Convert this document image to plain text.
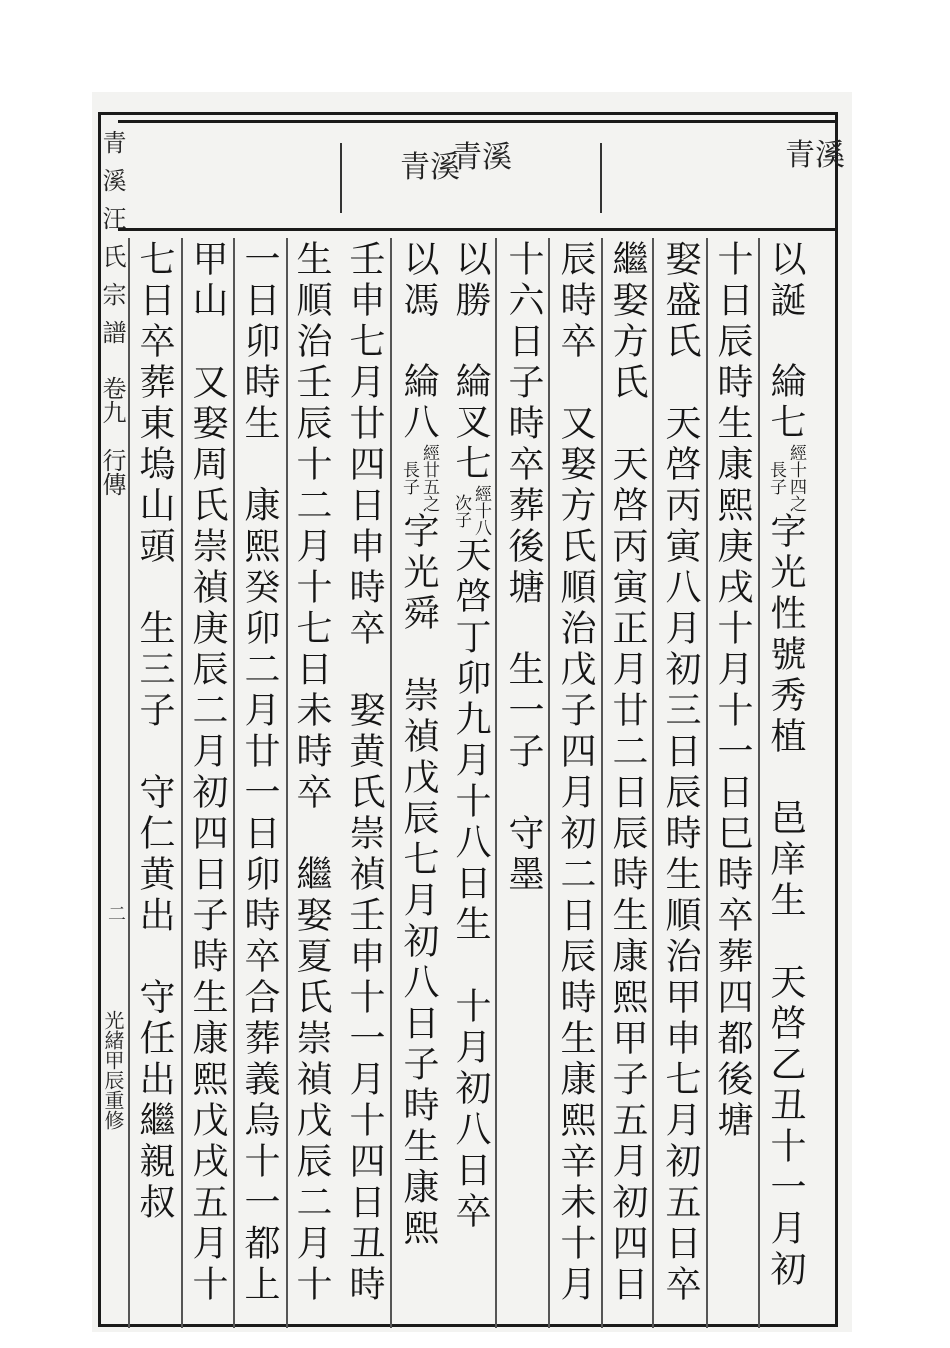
青溪
青溪
青溪
青溪汪氏宗譜
卷九
行傳
二
光緒甲辰重修
以誕
綸七
經十四之
長子
字光性號秀植　邑庠生　天啓乙丑十一月初
十日辰時生康熙庚戌十月十一日巳時卒葬四都後塘
娶盛氏　天啓丙寅八月初三日辰時生順治甲申七月初五日卒
繼娶方氏　天啓丙寅正月廿二日辰時生康熙甲子五月初四日
辰時卒　又娶方氏順治戊子四月初二日辰時生康熙辛未十月
十六日子時卒葬後塘　生一子　守墨
以勝
綸叉七
經十八
次子
天啓丁卯九月十八日生　十月初八日卒
以馮
綸八
經廿五之
長子
字光舜　崇禎戊辰七月初八日子時生康熙
壬申七月廿四日申時卒　娶黄氏崇禎壬申十一月十四日丑時
生順治壬辰十二月十七日未時卒　繼娶夏氏崇禎戊辰二月十
一日卯時生　康熙癸卯二月廿一日卯時卒合葬義烏十一都上
甲山　又娶周氏崇禎庚辰二月初四日子時生康熙戊戌五月十
七日卒葬東塢山頭　生三子　守仁黄出　守任出繼親叔
